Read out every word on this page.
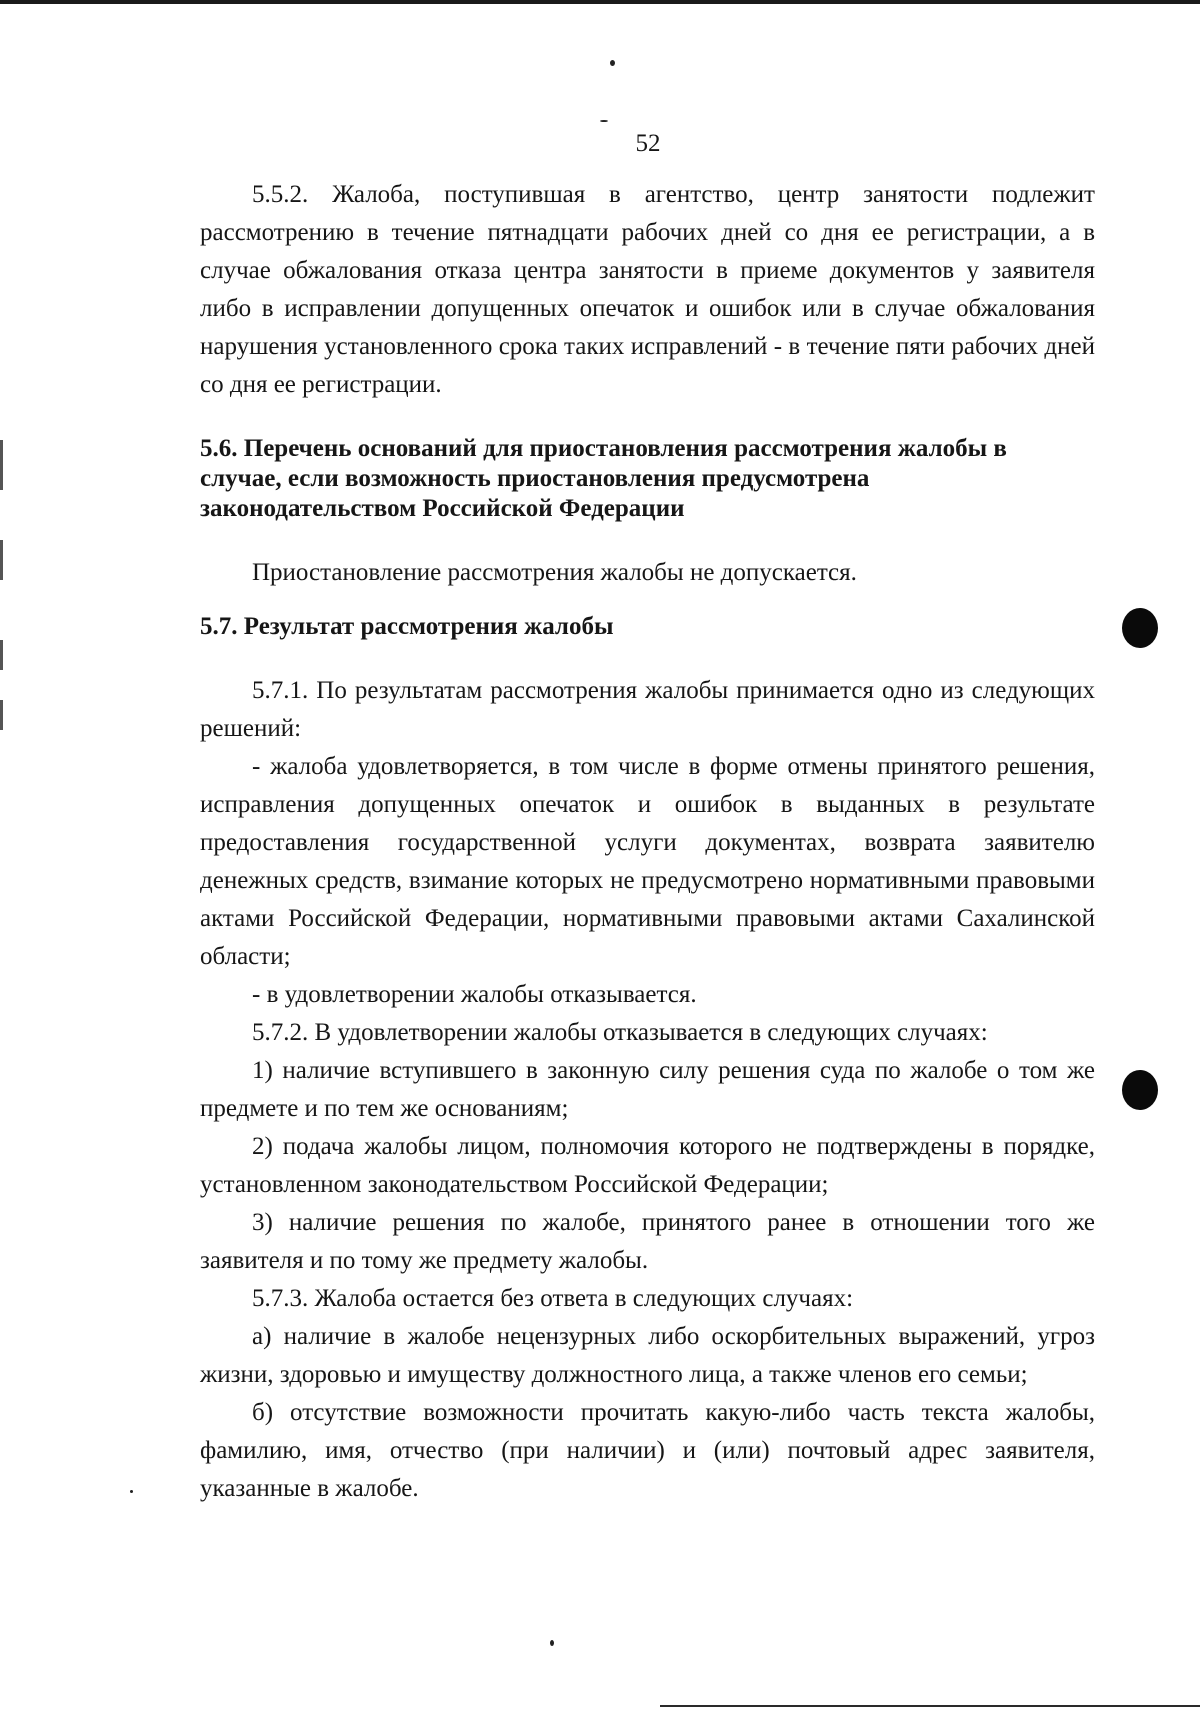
52

5.5.2. Жалоба, поступившая в агентство, центр занятости подлежит рассмотрению в течение пятнадцати рабочих дней со дня ее регистрации, а в случае обжалования отказа центра занятости в приеме документов у заявителя либо в исправлении допущенных опечаток и ошибок или в случае обжалования нарушения установленного срока таких исправлений - в течение пяти рабочих дней со дня ее регистрации.

5.6. Перечень оснований для приостановления рассмотрения жалобы в

случае, если возможность приостановления предусмотрена

законодательством Российской Федерации

Приостановление рассмотрения жалобы не допускается.

5.7. Результат рассмотрения жалобы

5.7.1. По результатам рассмотрения жалобы принимается одно из следующих решений:

- жалоба удовлетворяется, в том числе в форме отмены принятого решения, исправления допущенных опечаток и ошибок в выданных в результате предоставления государственной услуги документах, возврата заявителю денежных средств, взимание которых не предусмотрено нормативными правовыми актами Российской Федерации, нормативными правовыми актами Сахалинской области;

- в удовлетворении жалобы отказывается.

5.7.2. В удовлетворении жалобы отказывается в следующих случаях:

1) наличие вступившего в законную силу решения суда по жалобе о том же предмете и по тем же основаниям;

2) подача жалобы лицом, полномочия которого не подтверждены в порядке, установленном законодательством Российской Федерации;

3) наличие решения по жалобе, принятого ранее в отношении того же заявителя и по тому же предмету жалобы.

5.7.3. Жалоба остается без ответа в следующих случаях:

а) наличие в жалобе нецензурных либо оскорбительных выражений, угроз жизни, здоровью и имуществу должностного лица, а также членов его семьи;

б) отсутствие возможности прочитать какую-либо часть текста жалобы, фамилию, имя, отчество (при наличии) и (или) почтовый адрес заявителя, указанные в жалобе.
